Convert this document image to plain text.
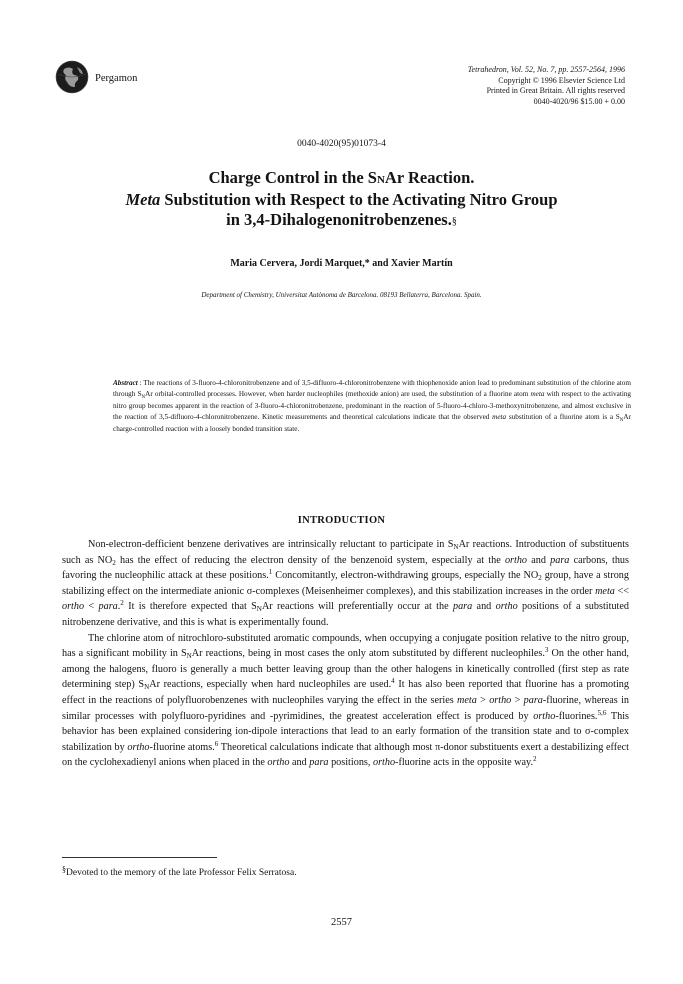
Pergamon
Tetrahedron, Vol. 52, No. 7, pp. 2557-2564, 1996
Copyright © 1996 Elsevier Science Ltd
Printed in Great Britain. All rights reserved
0040-4020/96 $15.00 + 0.00
0040-4020(95)01073-4
Charge Control in the SNAr Reaction.
Meta Substitution with Respect to the Activating Nitro Group
in 3,4-Dihalogenonitrobenzenes.§
Maria Cervera, Jordi Marquet,* and Xavier Martín
Department of Chemistry, Universitat Autònoma de Barcelona. 08193 Bellaterra, Barcelona. Spain.
Abstract : The reactions of 3-fluoro-4-chloronitrobenzene and of 3,5-difluoro-4-chloronitrobenzene with thiophenoxide anion lead to predominant substitution of the chlorine atom through $S_NAr$ orbital-controlled processes. However, when harder nucleophiles (methoxide anion) are used, the substitution of a fluorine atom meta with respect to the activating nitro group becomes apparent in the reaction of 3-fluoro-4-chloronitrobenzene, predominant in the reaction of 5-fluoro-4-chloro-3-methoxynitrobenzene, and almost exclusive in the reaction of 3,5-difluoro-4-chloronitrobenzene. Kinetic measurements and theoretical calculations indicate that the observed meta substitution of a fluorine atom is a $S_NAr$ charge-controlled reaction with a loosely bonded transition state.
INTRODUCTION

Non-electron-defficient benzene derivatives are intrinsically reluctant to participate in $S_NAr$ reactions. Introduction of substituents such as $NO_2$ has the effect of reducing the electron density of the benzenoid system, especially at the ortho and para carbons, thus favoring the nucleophilic attack at these positions.$^1$ Concomitantly, electron-withdrawing groups, especially the $NO_2$ group, have a strong stabilizing effect on the intermediate anionic σ-complexes (Meisenheimer complexes), and this stabilization increases in the order meta << ortho < para.$^2$ It is therefore expected that $S_NAr$ reactions will preferentially occur at the para and ortho positions of a substituted nitrobenzene derivative, and this is what is experimentally found.

The chlorine atom of nitrochloro-substituted aromatic compounds, when occupying a conjugate position relative to the nitro group, has a significant mobility in $S_NAr$ reactions, being in most cases the only atom substituted by different nucleophiles.$^3$ On the other hand, among the halogens, fluoro is generally a much better leaving group than the other halogens in kinetically controlled (first step as rate determining step) $S_NAr$ reactions, especially when hard nucleophiles are used.$^4$ It has also been reported that fluorine has a promoting effect in the reactions of polyfluorobenzenes with nucleophiles varying the effect in the series meta > ortho > para-fluorine, whereas in similar processes with polyfluoro-pyridines and -pyrimidines, the greatest acceleration effect is produced by ortho-fluorines.$^{5,6}$ This behavior has been explained considering ion-dipole interactions that lead to an early formation of the transition state and to σ-complex stabilization by ortho-fluorine atoms.$^6$ Theoretical calculations indicate that although most π-donor substituents exert a destabilizing effect on the cyclohexadienyl anions when placed in the ortho and para positions, ortho-fluorine acts in the opposite way.$^2$

§Devoted to the memory of the late Professor Felix Serratosa.
2557
